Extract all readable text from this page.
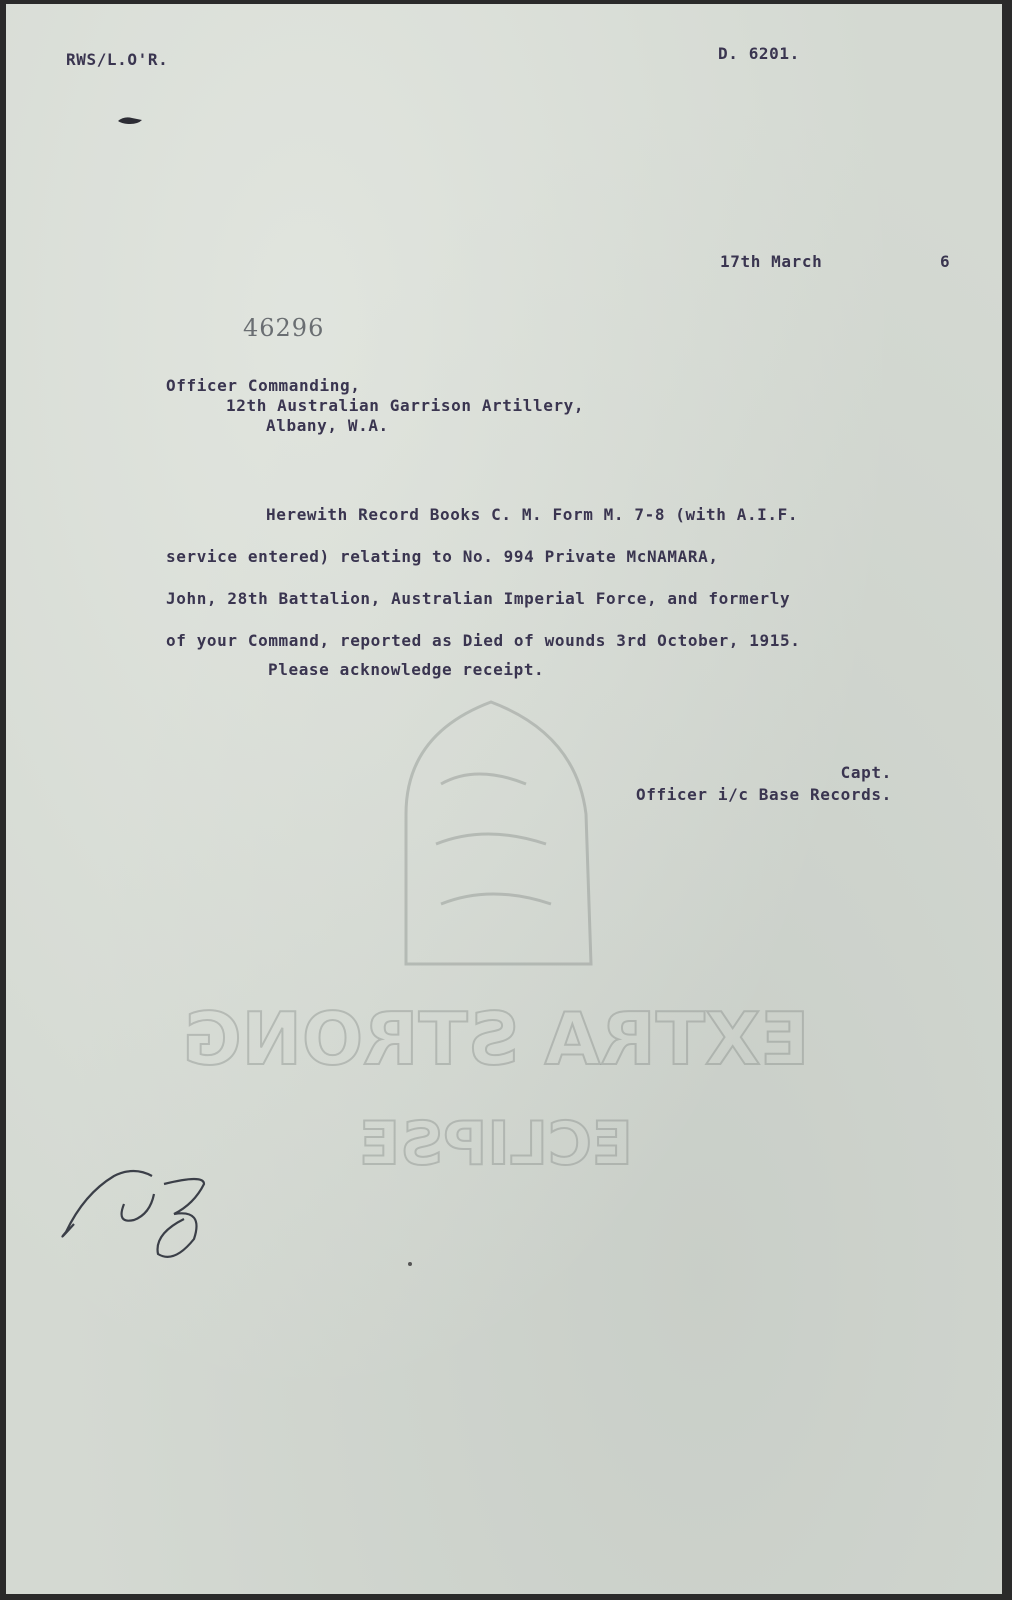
RWS/L.O'R.	D. 6201.

17th March	6

46296

Officer Commanding,
12th Australian Garrison Artillery,
Albany, W.A.

Herewith Record Books C. M. Form M. 7-8 (with A.I.F.
service entered) relating to No. 994 Private McNAMARA,
John, 28th Battalion, Australian Imperial Force, and formerly
of your Command, reported as Died of wounds 3rd October, 1915.

Please acknowledge receipt.

Capt.
Officer i/c Base Records.

EXTRA STRONG
ECLIPSE
